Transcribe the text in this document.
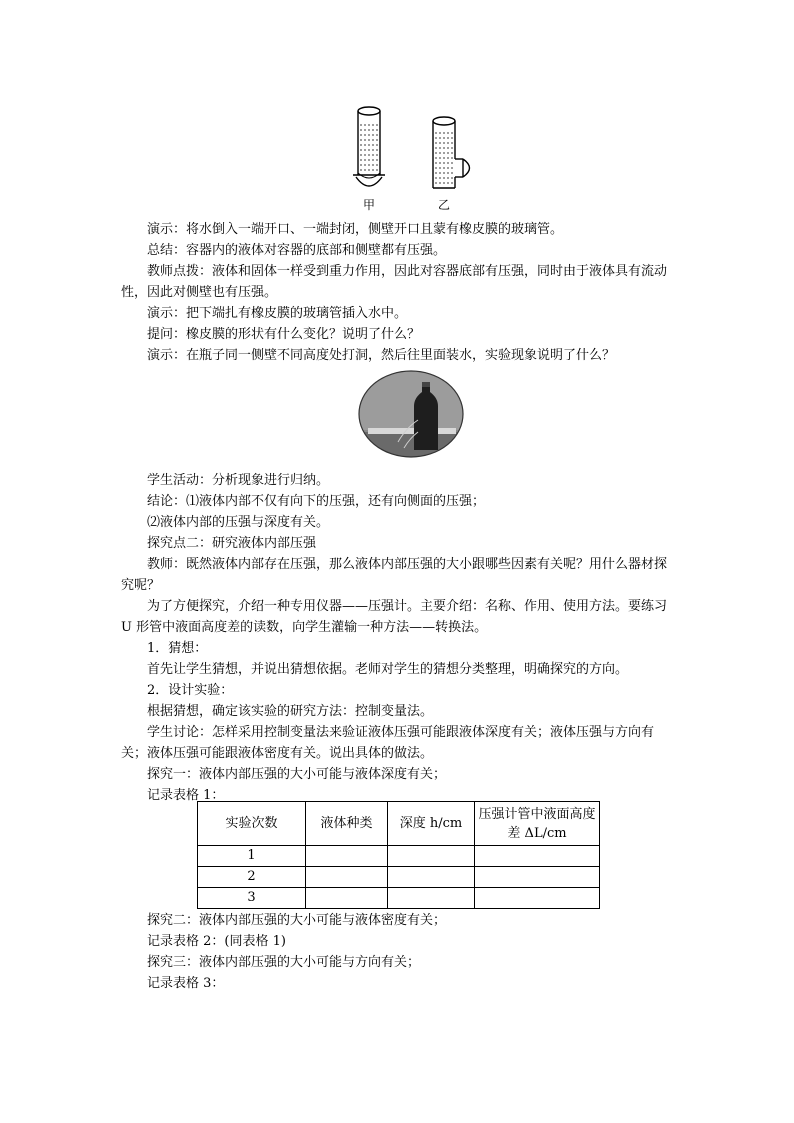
甲	乙

演示：将水倒入一端开口、一端封闭，侧壁开口且蒙有橡皮膜的玻璃管。

总结：容器内的液体对容器的底部和侧壁都有压强。

教师点拨：液体和固体一样受到重力作用，因此对容器底部有压强，同时由于液体具有流动性，因此对侧壁也有压强。

演示：把下端扎有橡皮膜的玻璃管插入水中。

提问：橡皮膜的形状有什么变化？说明了什么？

演示：在瓶子同一侧壁不同高度处打洞，然后往里面装水，实验现象说明了什么？

学生活动：分析现象进行归纳。

结论：⑴液体内部不仅有向下的压强，还有向侧面的压强；

⑵液体内部的压强与深度有关。

探究点二：研究液体内部压强

教师：既然液体内部存在压强，那么液体内部压强的大小跟哪些因素有关呢？用什么器材探究呢？

为了方便探究，介绍一种专用仪器——压强计。主要介绍：名称、作用、使用方法。要练习 U 形管中液面高度差的读数，向学生灌输一种方法——转换法。

1．猜想：

首先让学生猜想，并说出猜想依据。老师对学生的猜想分类整理，明确探究的方向。

2．设计实验：

根据猜想，确定该实验的研究方法：控制变量法。

学生讨论：怎样采用控制变量法来验证液体压强可能跟液体深度有关；液体压强与方向有关；液体压强可能跟液体密度有关。说出具体的做法。

探究一：液体内部压强的大小可能与液体深度有关；

记录表格 1：

实验次数	液体种类	深度 h/cm	压强计管中液面高度差 ΔL/cm
1			
2			
3			

探究二：液体内部压强的大小可能与液体密度有关；

记录表格 2：(同表格 1)

探究三：液体内部压强的大小可能与方向有关；

记录表格 3：
